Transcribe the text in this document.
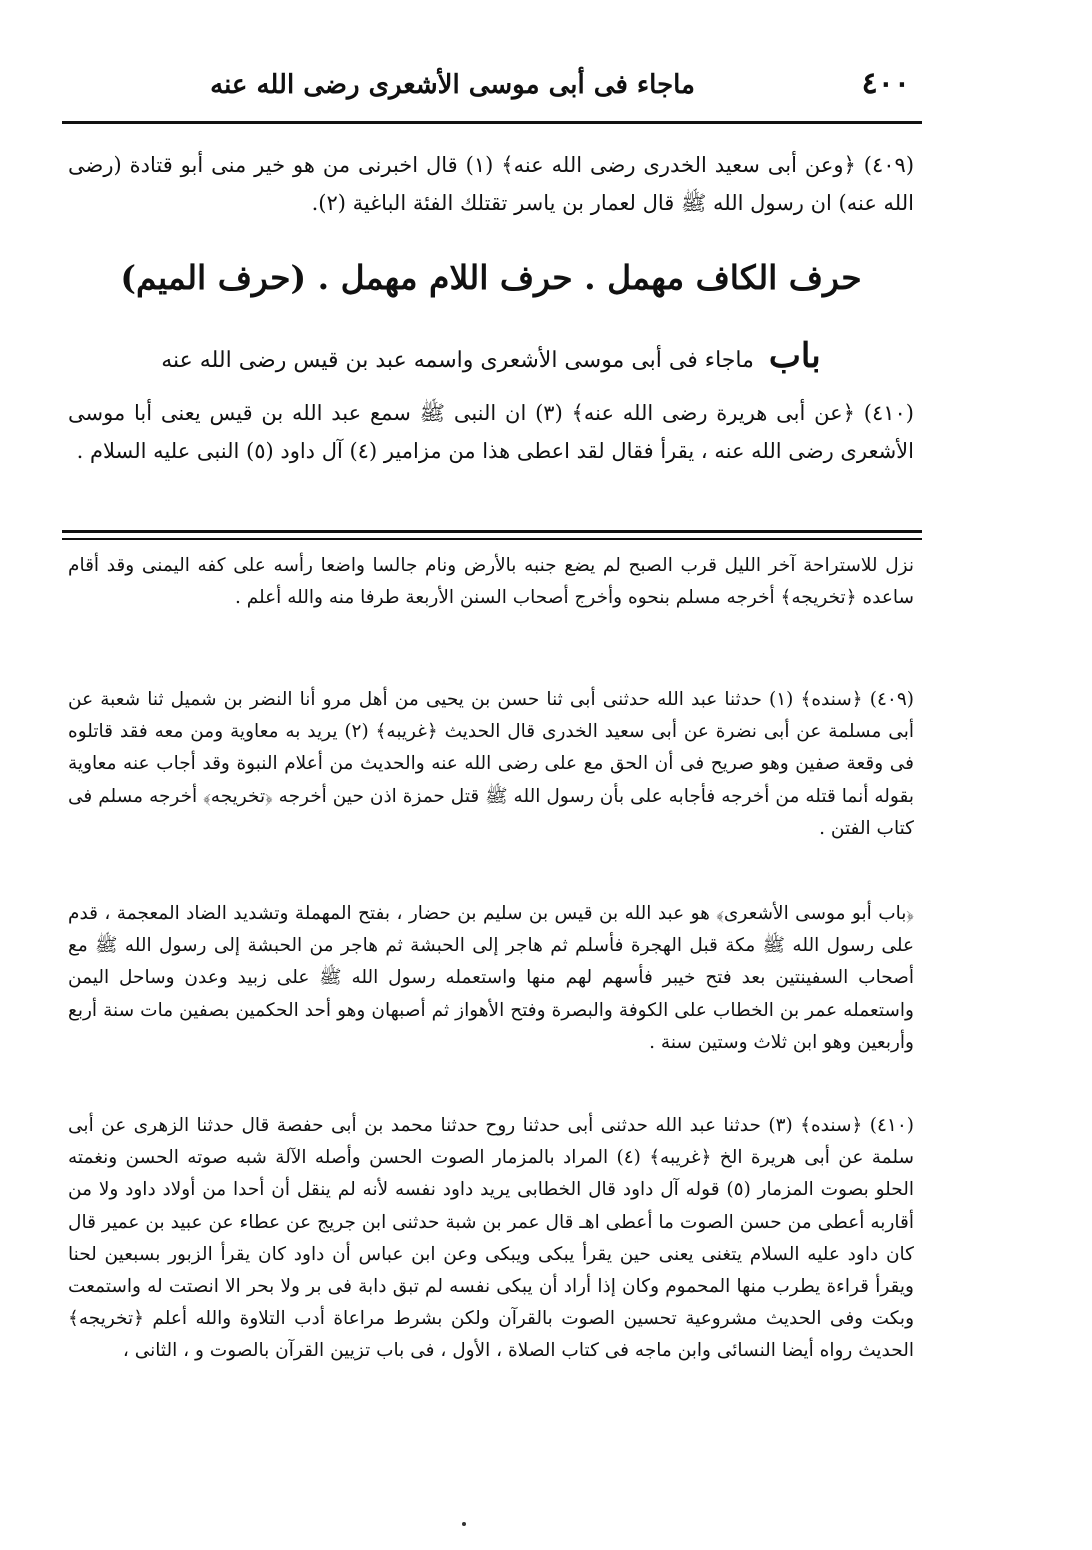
٤٠٠
ماجاء فى أبى موسى الأشعرى رضى الله عنه
(٤٠٩) ﴿وعن أبى سعيد الخدرى رضى الله عنه﴾ (١) قال اخبرنى من هو خير منى أبو قتادة (رضى الله عنه) ان رسول الله ﷺ قال لعمار بن ياسر تقتلك الفئة الباغية (٢).
حرف الكاف مهمل . حرف اللام مهمل . (حرف الميم)
باب ماجاء فى أبى موسى الأشعرى واسمه عبد بن قيس رضى الله عنه
(٤١٠) ﴿عن أبى هريرة رضى الله عنه﴾ (٣) ان النبى ﷺ سمع عبد الله بن قيس يعنى أبا موسى الأشعرى رضى الله عنه ، يقرأ فقال لقد اعطى هذا من مزامير (٤) آل داود (٥) النبى عليه السلام .
نزل للاستراحة آخر الليل قرب الصبح لم يضع جنبه بالأرض ونام جالسا واضعا رأسه على كفه اليمنى وقد أقام ساعده ﴿تخريجه﴾ أخرجه مسلم بنحوه وأخرج أصحاب السنن الأربعة طرفا منه والله أعلم .
(٤٠٩) ﴿سنده﴾ (١) حدثنا عبد الله حدثنى أبى ثنا حسن بن يحيى من أهل مرو أنا النضر بن شميل ثنا شعبة عن أبى مسلمة عن أبى نضرة عن أبى سعيد الخدرى قال الحديث ﴿غريبه﴾ (٢) يريد به معاوية ومن معه فقد قاتلوه فى وقعة صفين وهو صريح فى أن الحق مع على رضى الله عنه والحديث من أعلام النبوة وقد أجاب عنه معاوية بقوله أنما قتله من أخرجه فأجابه على بأن رسول الله ﷺ قتل حمزة اذن حين أخرجه ﴿تخريجه﴾ أخرجه مسلم فى كتاب الفتن .
﴿باب أبو موسى الأشعرى﴾ هو عبد الله بن قيس بن سليم بن حضار ، بفتح المهملة وتشديد الضاد المعجمة ، قدم على رسول الله ﷺ مكة قبل الهجرة فأسلم ثم هاجر إلى الحبشة ثم هاجر من الحبشة إلى رسول الله ﷺ مع أصحاب السفينتين بعد فتح خيبر فأسهم لهم منها واستعمله رسول الله ﷺ على زبيد وعدن وساحل اليمن واستعمله عمر بن الخطاب على الكوفة والبصرة وفتح الأهواز ثم أصبهان وهو أحد الحكمين بصفين مات سنة أربع وأربعين وهو ابن ثلاث وستين سنة .
(٤١٠) ﴿سنده﴾ (٣) حدثنا عبد الله حدثنى أبى حدثنا روح حدثنا محمد بن أبى حفصة قال حدثنا الزهرى عن أبى سلمة عن أبى هريرة الخ ﴿غريبه﴾ (٤) المراد بالمزمار الصوت الحسن وأصله الآلة شبه صوته الحسن ونغمته الحلو بصوت المزمار (٥) قوله آل داود قال الخطابى يريد داود نفسه لأنه لم ينقل أن أحدا من أولاد داود ولا من أقاربه أعطى من حسن الصوت ما أعطى اهـ قال عمر بن شبة حدثنى ابن جريج عن عطاء عن عبيد بن عمير قال كان داود عليه السلام يتغنى يعنى حين يقرأ يبكى ويبكى وعن ابن عباس أن داود كان يقرأ الزبور بسبعين لحنا ويقرأ قراءة يطرب منها المحموم وكان إذا أراد أن يبكى نفسه لم تبق دابة فى بر ولا بحر الا انصتت له واستمعت وبكت وفى الحديث مشروعية تحسين الصوت بالقرآن ولكن بشرط مراعاة أدب التلاوة والله أعلم ﴿تخريجه﴾ الحديث رواه أيضا النسائى وابن ماجه فى كتاب الصلاة ، الأول ، فى باب تزيين القرآن بالصوت و ، الثانى ،
